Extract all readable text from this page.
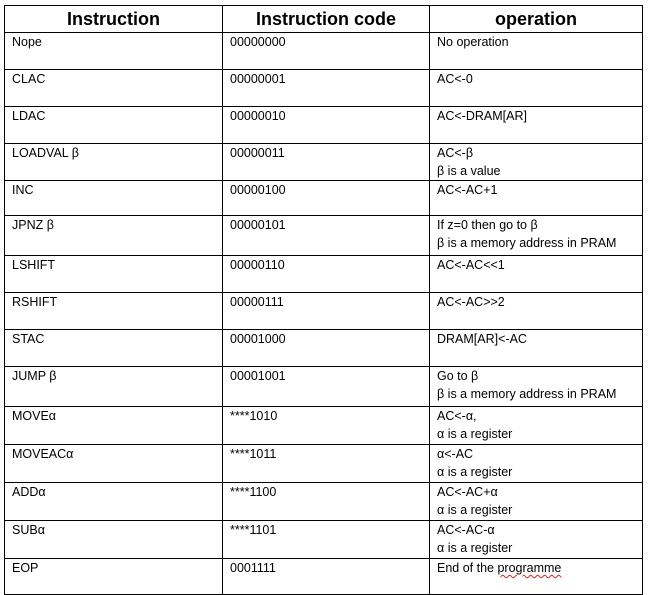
Instruction	Instruction code	operation
Nope	00000000	No operation

CLAC	00000001	AC<-0

LDAC	00000010	AC<-DRAM[AR]

LOADVAL β	00000011	AC<-β
β is a value

INC	00000100	AC<-AC+1

JPNZ β	00000101	If z=0 then go to β
β is a memory address in PRAM

LSHIFT	00000110	AC<-AC<<1

RSHIFT	00000111	AC<-AC>>2

STAC	00001000	DRAM[AR]<-AC

JUMP β	00001001	Go to β
β is a memory address in PRAM

MOVEα	****1010	AC<-α,
α is a register

MOVEACα	****1011	α<-AC
α is a register

ADDα	****1100	AC<-AC+α
α is a register

SUBα	****1101	AC<-AC-α
α is a register

EOP	0001111	End of the programme
